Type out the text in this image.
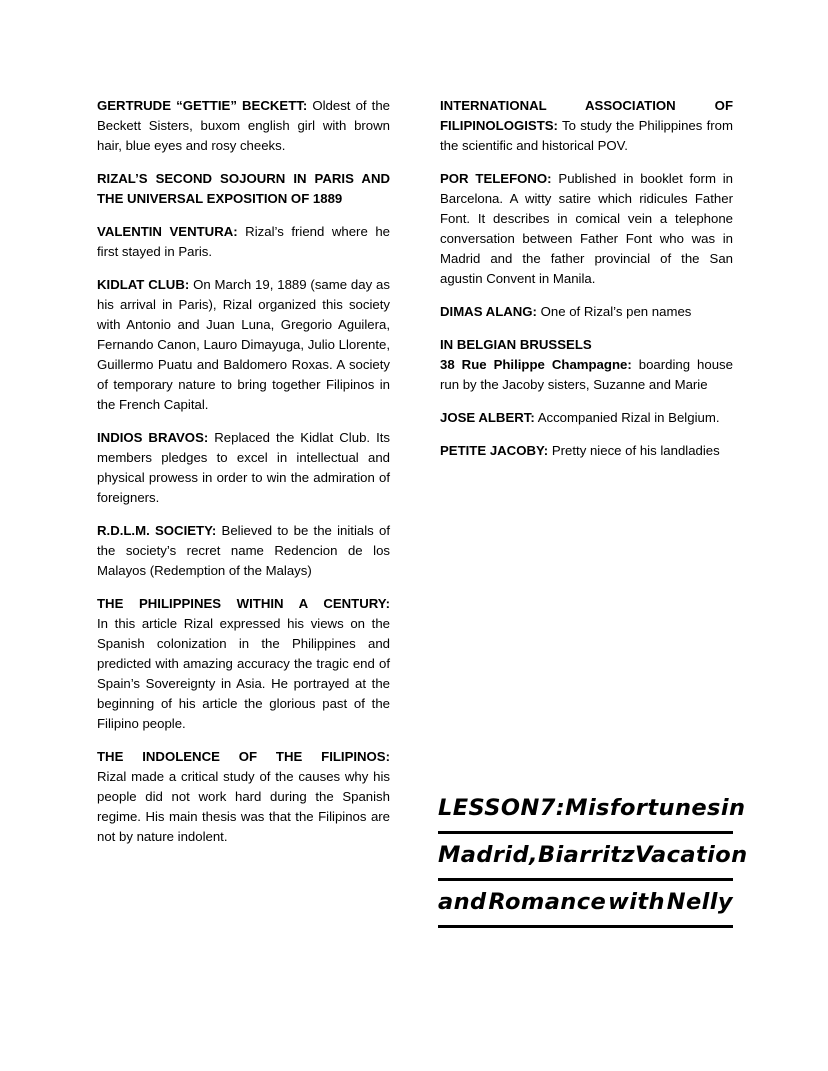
GERTRUDE “GETTIE” BECKETT: Oldest of the Beckett Sisters, buxom english girl with brown hair, blue eyes and rosy cheeks.

RIZAL’S SECOND SOJOURN IN PARIS AND THE UNIVERSAL EXPOSITION OF 1889

VALENTIN VENTURA: Rizal’s friend where he first stayed in Paris.

KIDLAT CLUB: On March 19, 1889 (same day as his arrival in Paris), Rizal organized this society with Antonio and Juan Luna, Gregorio Aguilera, Fernando Canon, Lauro Dimayuga, Julio Llorente, Guillermo Puatu and Baldomero Roxas. A society of temporary nature to bring together Filipinos in the French Capital.

INDIOS BRAVOS: Replaced the Kidlat Club. Its members pledges to excel in intellectual and physical prowess in order to win the admiration of foreigners.

R.D.L.M. SOCIETY: Believed to be the initials of the society’s recret name Redencion de los Malayos (Redemption of the Malays)

THE PHILIPPINES WITHIN A CENTURY:
In this article Rizal expressed his views on the Spanish colonization in the Philippines and predicted with amazing accuracy the tragic end of Spain’s Sovereignty in Asia. He portrayed at the beginning of his article the glorious past of the Filipino people.

THE INDOLENCE OF THE FILIPINOS:
Rizal made a critical study of the causes why his people did not work hard during the Spanish regime. His main thesis was that the Filipinos are not by nature indolent.

INTERNATIONAL ASSOCIATION OF FILIPINOLOGISTS: To study the Philippines from the scientific and historical POV.

POR TELEFONO: Published in booklet form in Barcelona. A witty satire which ridicules Father Font. It describes in comical vein a telephone conversation between Father Font who was in Madrid and the father provincial of the San agustin Convent in Manila.

DIMAS ALANG: One of Rizal’s pen names

IN BELGIAN BRUSSELS

38 Rue Philippe Champagne: boarding house run by the Jacoby sisters, Suzanne and Marie

JOSE ALBERT: Accompanied Rizal in Belgium.

PETITE JACOBY: Pretty niece of his landladies

LESSON 7: Misfortunes in
Madrid, Biarritz Vacation
and Romance with Nelly
